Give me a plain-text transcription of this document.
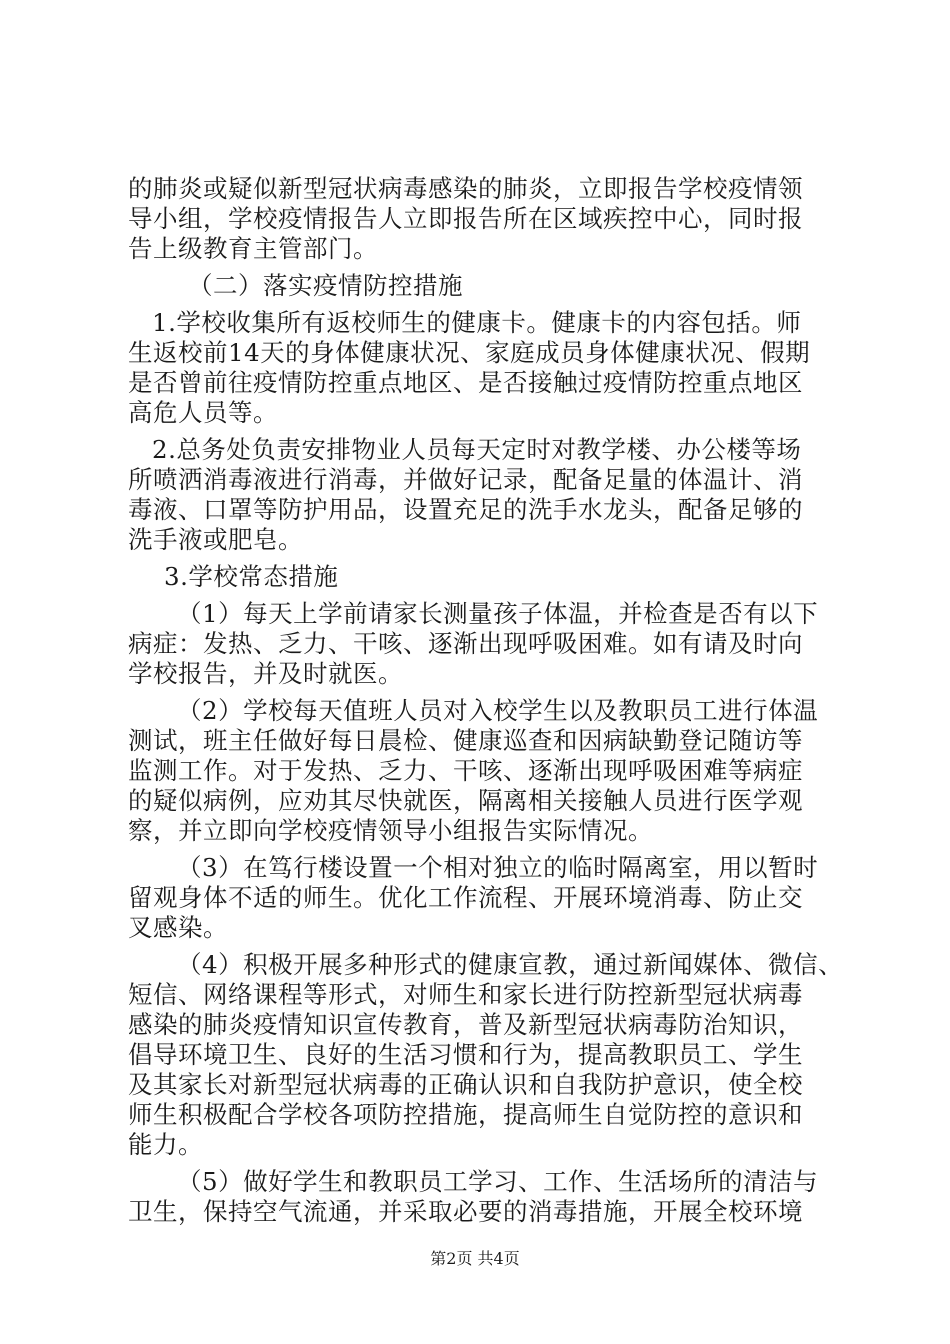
的肺炎或疑似新型冠状病毒感染的肺炎，立即报告学校疫情领
导小组，学校疫情报告人立即报告所在区域疾控中心，同时报
告上级教育主管部门。
（二）落实疫情防控措施
1.学校收集所有返校师生的健康卡。健康卡的内容包括。师
生返校前14天的身体健康状况、家庭成员身体健康状况、假期
是否曾前往疫情防控重点地区、是否接触过疫情防控重点地区
高危人员等。
2.总务处负责安排物业人员每天定时对教学楼、办公楼等场
所喷洒消毒液进行消毒，并做好记录，配备足量的体温计、消
毒液、口罩等防护用品，设置充足的洗手水龙头，配备足够的
洗手液或肥皂。
3.学校常态措施
（1）每天上学前请家长测量孩子体温，并检查是否有以下
病症：发热、乏力、干咳、逐渐出现呼吸困难。如有请及时向
学校报告，并及时就医。
（2）学校每天值班人员对入校学生以及教职员工进行体温
测试，班主任做好每日晨检、健康巡查和因病缺勤登记随访等
监测工作。对于发热、乏力、干咳、逐渐出现呼吸困难等病症
的疑似病例，应劝其尽快就医，隔离相关接触人员进行医学观
察，并立即向学校疫情领导小组报告实际情况。
（3）在笃行楼设置一个相对独立的临时隔离室，用以暂时
留观身体不适的师生。优化工作流程、开展环境消毒、防止交
叉感染。
（4）积极开展多种形式的健康宣教，通过新闻媒体、微信、
短信、网络课程等形式，对师生和家长进行防控新型冠状病毒
感染的肺炎疫情知识宣传教育，普及新型冠状病毒防治知识，
倡导环境卫生、良好的生活习惯和行为，提高教职员工、学生
及其家长对新型冠状病毒的正确认识和自我防护意识，使全校
师生积极配合学校各项防控措施，提高师生自觉防控的意识和
能力。
（5）做好学生和教职员工学习、工作、生活场所的清洁与
卫生，保持空气流通，并采取必要的消毒措施，开展全校环境
第2页 共4页
